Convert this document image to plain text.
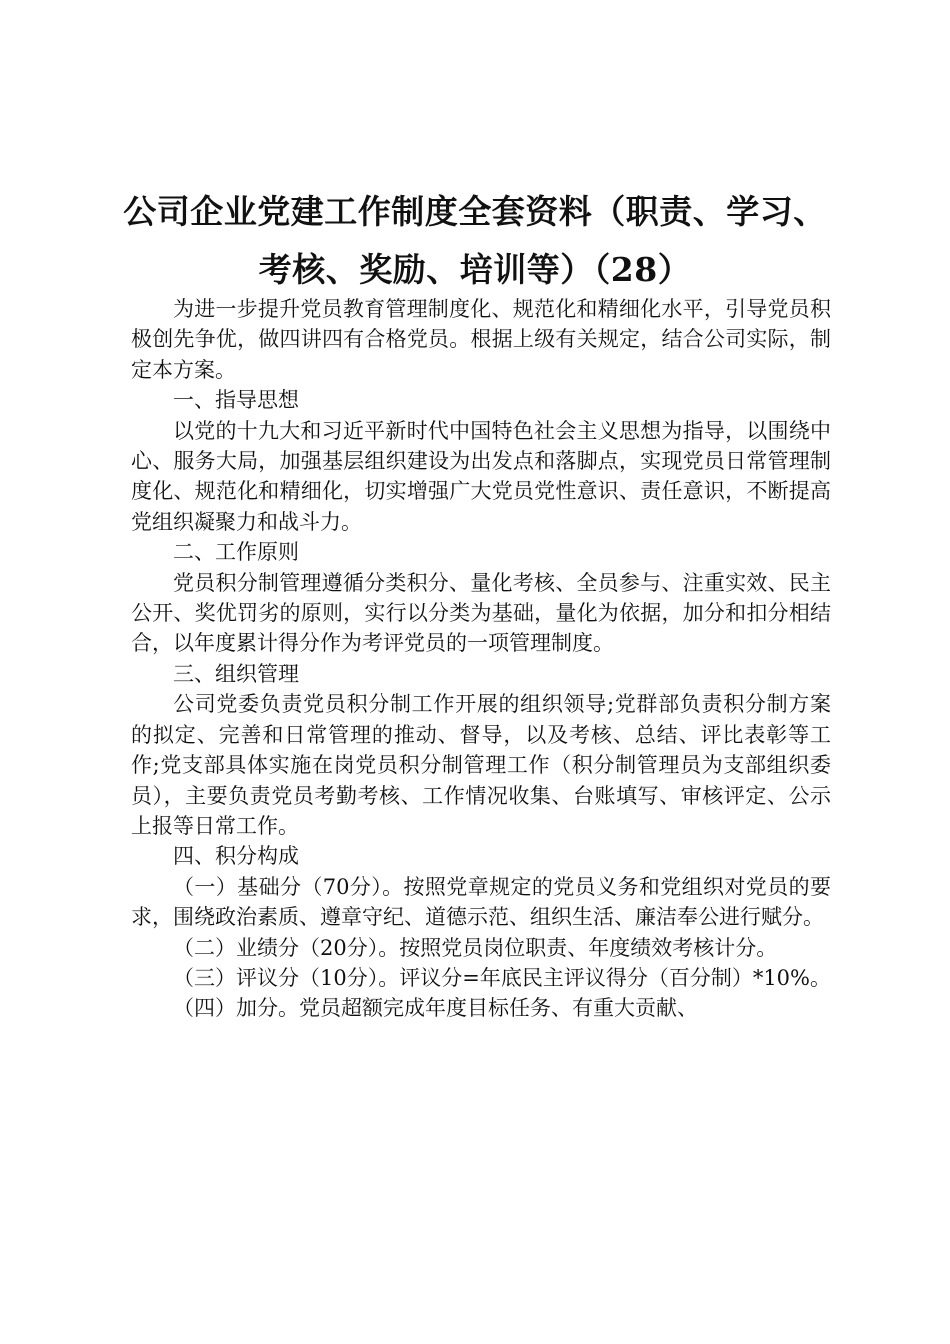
公司企业党建工作制度全套资料（职责、学习、
考核、奖励、培训等）（28）

为进一步提升党员教育管理制度化、规范化和精细化水平，引导党员积极创先争优，做四讲四有合格党员。根据上级有关规定，结合公司实际，制定本方案。

一、指导思想

以党的十九大和习近平新时代中国特色社会主义思想为指导，以围绕中心、服务大局，加强基层组织建设为出发点和落脚点，实现党员日常管理制度化、规范化和精细化，切实增强广大党员党性意识、责任意识，不断提高党组织凝聚力和战斗力。

二、工作原则

党员积分制管理遵循分类积分、量化考核、全员参与、注重实效、民主公开、奖优罚劣的原则，实行以分类为基础，量化为依据，加分和扣分相结合，以年度累计得分作为考评党员的一项管理制度。

三、组织管理

公司党委负责党员积分制工作开展的组织领导;党群部负责积分制方案的拟定、完善和日常管理的推动、督导，以及考核、总结、评比表彰等工作;党支部具体实施在岗党员积分制管理工作（积分制管理员为支部组织委员），主要负责党员考勤考核、工作情况收集、台账填写、审核评定、公示上报等日常工作。

四、积分构成

（一）基础分（70分）。按照党章规定的党员义务和党组织对党员的要求，围绕政治素质、遵章守纪、道德示范、组织生活、廉洁奉公进行赋分。

（二）业绩分（20分）。按照党员岗位职责、年度绩效考核计分。

（三）评议分（10分）。评议分=年底民主评议得分（百分制）*10%。

（四）加分。党员超额完成年度目标任务、有重大贡献、
